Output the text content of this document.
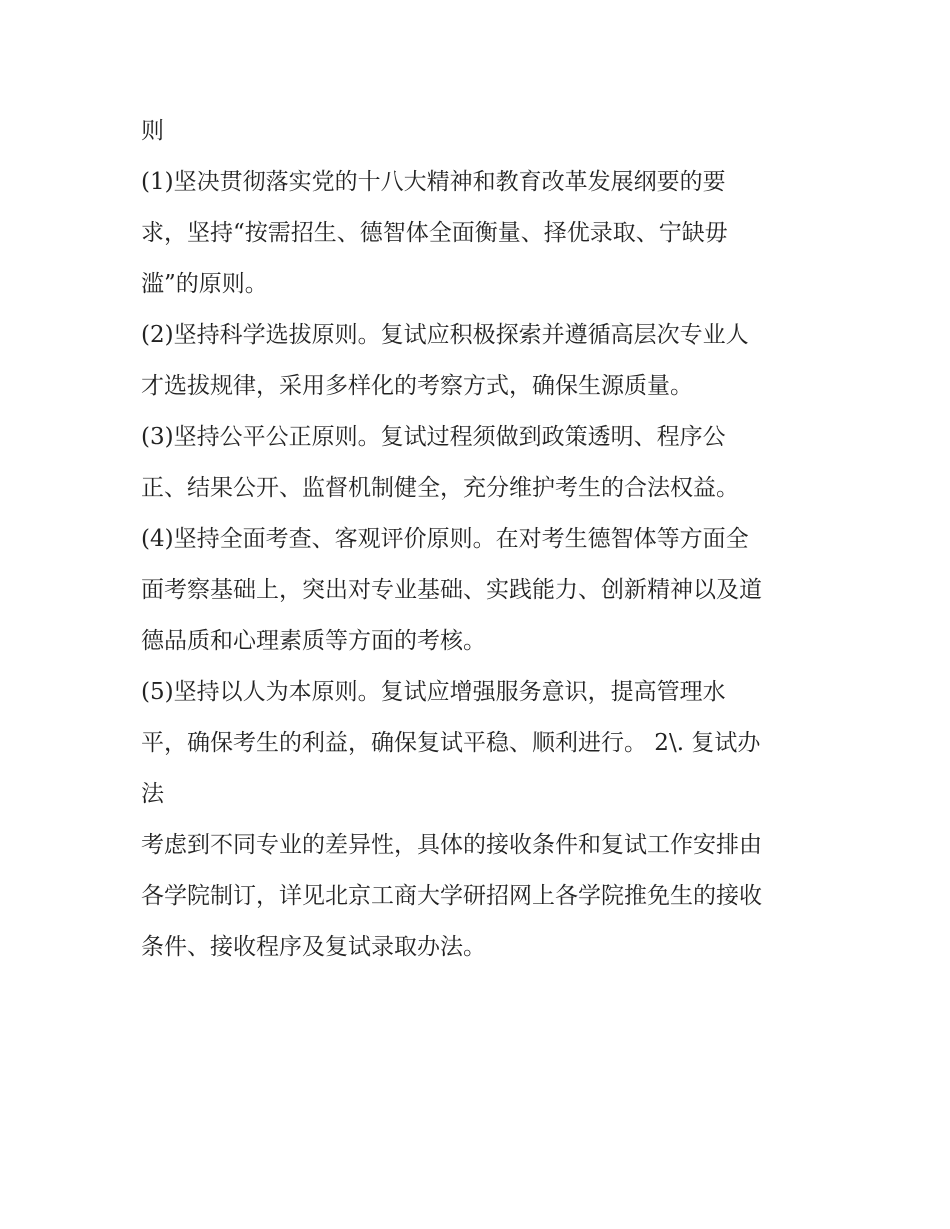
则
(1)坚决贯彻落实党的十八大精神和教育改革发展纲要的要
求，坚持“按需招生、德智体全面衡量、择优录取、宁缺毋
滥”的原则。
(2)坚持科学选拔原则。复试应积极探索并遵循高层次专业人
才选拔规律，采用多样化的考察方式，确保生源质量。
(3)坚持公平公正原则。复试过程须做到政策透明、程序公
正、结果公开、监督机制健全，充分维护考生的合法权益。
(4)坚持全面考查、客观评价原则。在对考生德智体等方面全
面考察基础上，突出对专业基础、实践能力、创新精神以及道
德品质和心理素质等方面的考核。
(5)坚持以人为本原则。复试应增强服务意识，提高管理水
平，确保考生的利益，确保复试平稳、顺利进行。 2\. 复试办
法
考虑到不同专业的差异性，具体的接收条件和复试工作安排由
各学院制订，详见北京工商大学研招网上各学院推免生的接收
条件、接收程序及复试录取办法。
